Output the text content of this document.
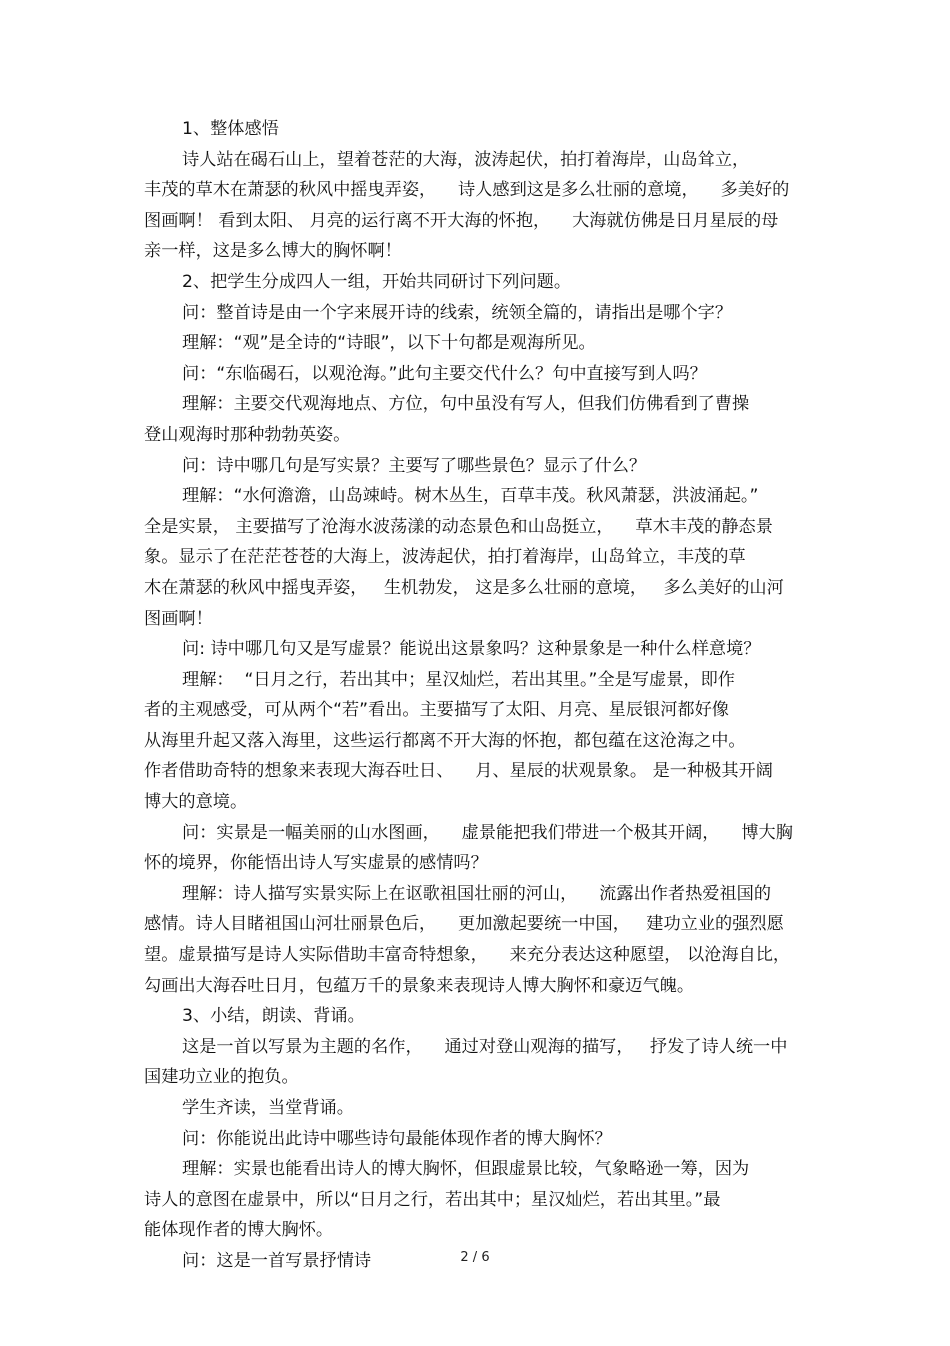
1、整体感悟
诗人站在碣石山上，望着苍茫的大海，波涛起伏，拍打着海岸，山岛耸立，
丰茂的草木在萧瑟的秋风中摇曳弄姿，    诗人感到这是多么壮丽的意境，    多美好的
图画啊！ 看到太阳、 月亮的运行离不开大海的怀抱，    大海就仿佛是日月星辰的母
亲一样，这是多么博大的胸怀啊！
2、把学生分成四人一组，开始共同研讨下列问题。
问：整首诗是由一个字来展开诗的线索，统领全篇的，请指出是哪个字？
理解：“观”是全诗的“诗眼”，以下十句都是观海所见。
问：“东临碣石，以观沧海。”此句主要交代什么？句中直接写到人吗？
理解：主要交代观海地点、方位，句中虽没有写人，但我们仿佛看到了曹操
登山观海时那种勃勃英姿。
问：诗中哪几句是写实景？主要写了哪些景色？显示了什么？
理解：“水何澹澹，山岛竦峙。树木丛生，百草丰茂。秋风萧瑟，洪波涌起。”
全是实景， 主要描写了沧海水波荡漾的动态景色和山岛挺立，    草木丰茂的静态景
象。显示了在茫茫苍苍的大海上，波涛起伏，拍打着海岸，山岛耸立，丰茂的草
木在萧瑟的秋风中摇曳弄姿，   生机勃发， 这是多么壮丽的意境，   多么美好的山河
图画啊！
问: 诗中哪几句又是写虚景？能说出这景象吗？这种景象是一种什么样意境？
理解：  “日月之行，若出其中；星汉灿烂，若出其里。”全是写虚景，即作
者的主观感受，可从两个“若”看出。主要描写了太阳、月亮、星辰银河都好像
从海里升起又落入海里，这些运行都离不开大海的怀抱，都包蕴在这沧海之中。
作者借助奇特的想象来表现大海吞吐日、    月、星辰的状观景象。 是一种极其开阔
博大的意境。
问：实景是一幅美丽的山水图画，    虚景能把我们带进一个极其开阔，    博大胸
怀的境界，你能悟出诗人写实虚景的感情吗？
理解：诗人描写实景实际上在讴歌祖国壮丽的河山，    流露出作者热爱祖国的
感情。诗人目睹祖国山河壮丽景色后，    更加激起要统一中国，   建功立业的强烈愿
望。虚景描写是诗人实际借助丰富奇特想象，    来充分表达这种愿望， 以沧海自比，
勾画出大海吞吐日月，包蕴万千的景象来表现诗人博大胸怀和豪迈气魄。
3、小结，朗读、背诵。
这是一首以写景为主题的名作，    通过对登山观海的描写，   抒发了诗人统一中
国建功立业的抱负。
学生齐读，当堂背诵。
问：你能说出此诗中哪些诗句最能体现作者的博大胸怀？
理解：实景也能看出诗人的博大胸怀，但跟虚景比较，气象略逊一筹，因为
诗人的意图在虚景中，所以“日月之行，若出其中；星汉灿烂，若出其里。”最
能体现作者的博大胸怀。
问：这是一首写景抒情诗	2 / 6
